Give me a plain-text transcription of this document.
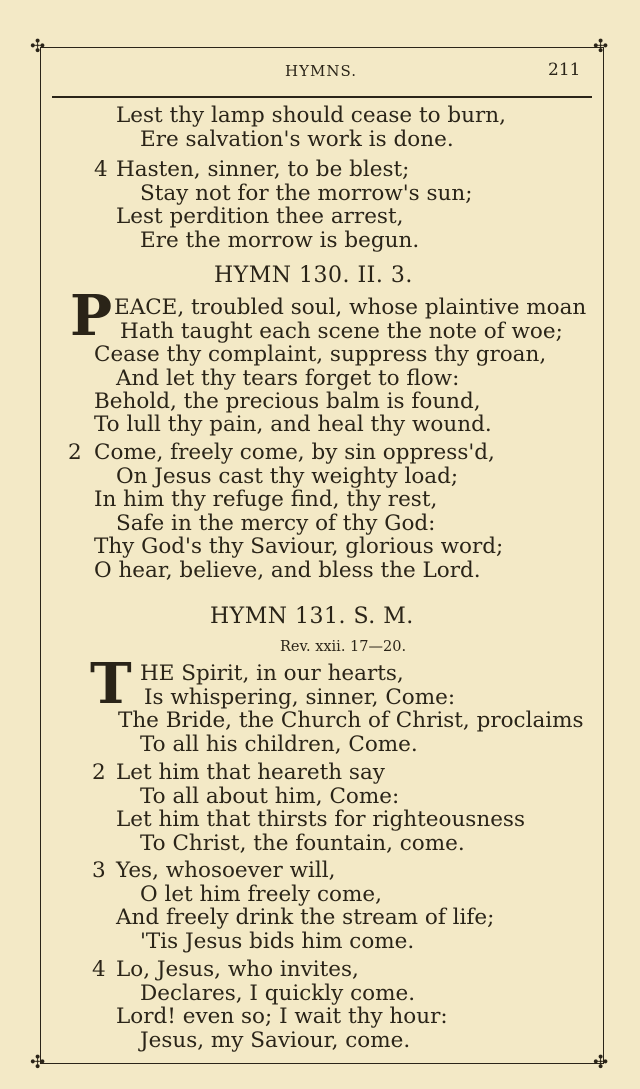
✣	✣
✣	✣
HYMNS.	211
Lest thy lamp should cease to burn,
Ere salvation's work is done.
4 Hasten, sinner, to be blest;
Stay not for the morrow's sun;
Lest perdition thee arrest,
Ere the morrow is begun.
HYMN 130. II. 3.
P EACE, troubled soul, whose plaintive moan
Hath taught each scene the note of woe;
Cease thy complaint, suppress thy groan,
And let thy tears forget to flow:
Behold, the precious balm is found,
To lull thy pain, and heal thy wound.
2 Come, freely come, by sin oppress'd,
On Jesus cast thy weighty load;
In him thy refuge find, thy rest,
Safe in the mercy of thy God:
Thy God's thy Saviour, glorious word;
O hear, believe, and bless the Lord.
HYMN 131. S. M.
Rev. xxii. 17—20.
T HE Spirit, in our hearts,
Is whispering, sinner, Come:
The Bride, the Church of Christ, proclaims
To all his children, Come.
2 Let him that heareth say
To all about him, Come:
Let him that thirsts for righteousness
To Christ, the fountain, come.
3 Yes, whosoever will,
O let him freely come,
And freely drink the stream of life;
'Tis Jesus bids him come.
4 Lo, Jesus, who invites,
Declares, I quickly come.
Lord! even so; I wait thy hour:
Jesus, my Saviour, come.
